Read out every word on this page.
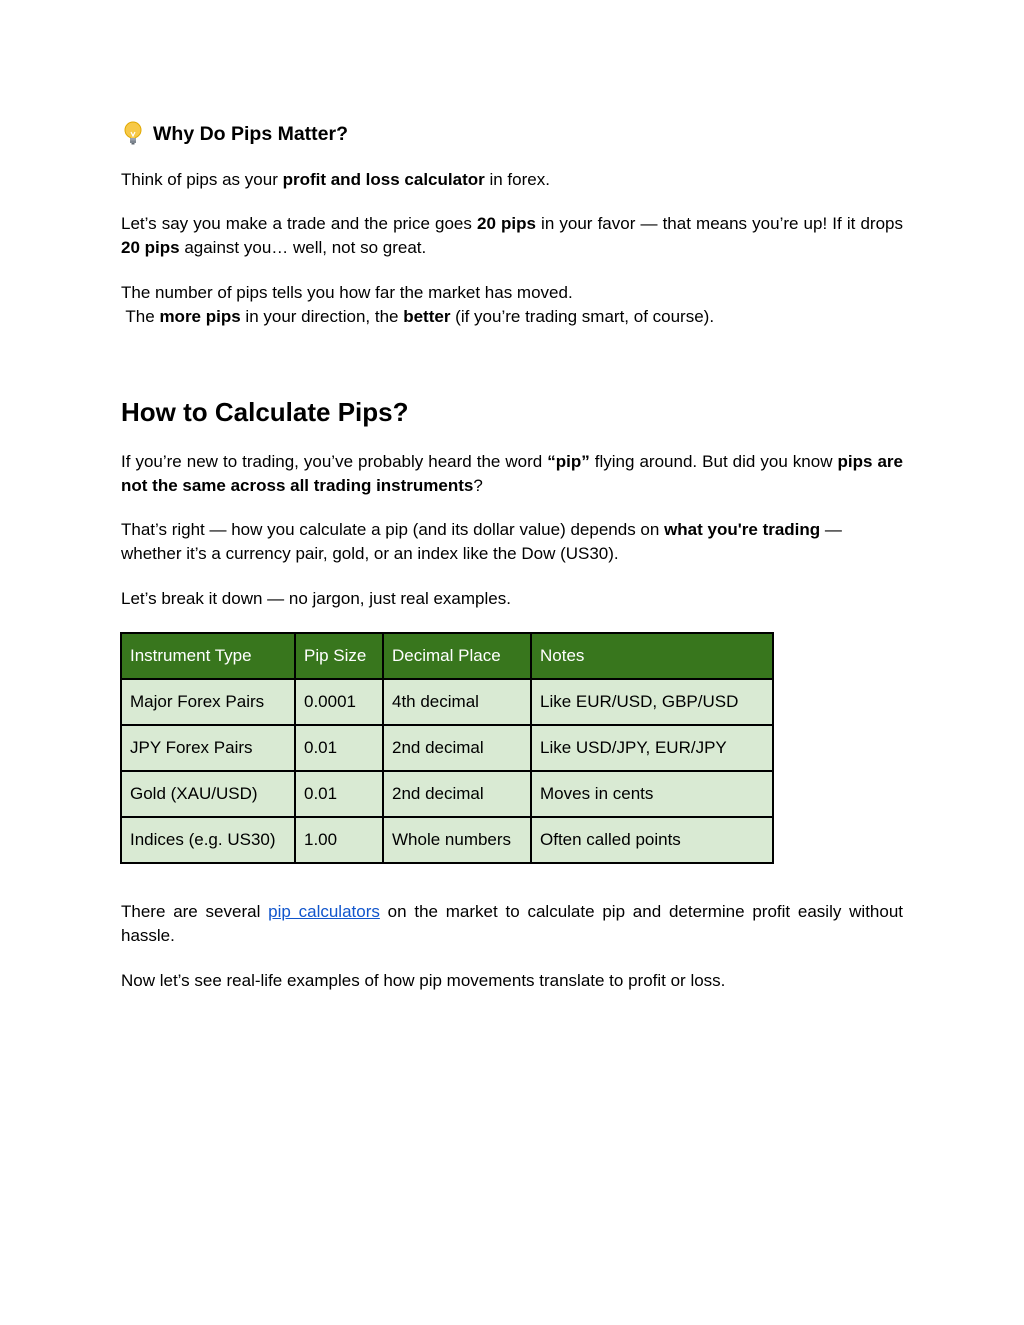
Why Do Pips Matter?

Think of pips as your profit and loss calculator in forex.

Let’s say you make a trade and the price goes 20 pips in your favor — that means you’re up! If it drops 20 pips against you… well, not so great.

The number of pips tells you how far the market has moved.
The more pips in your direction, the better (if you’re trading smart, of course).

How to Calculate Pips?

If you’re new to trading, you’ve probably heard the word “pip” flying around. But did you know pips are not the same across all trading instruments?

That’s right — how you calculate a pip (and its dollar value) depends on what you're trading — whether it’s a currency pair, gold, or an index like the Dow (US30).

Let’s break it down — no jargon, just real examples.

Instrument Type	Pip Size	Decimal Place	Notes
Major Forex Pairs	0.0001	4th decimal	Like EUR/USD, GBP/USD
JPY Forex Pairs	0.01	2nd decimal	Like USD/JPY, EUR/JPY
Gold (XAU/USD)	0.01	2nd decimal	Moves in cents
Indices (e.g. US30)	1.00	Whole numbers	Often called points

There are several pip calculators on the market to calculate pip and determine profit easily without hassle.

Now let’s see real-life examples of how pip movements translate to profit or loss.
